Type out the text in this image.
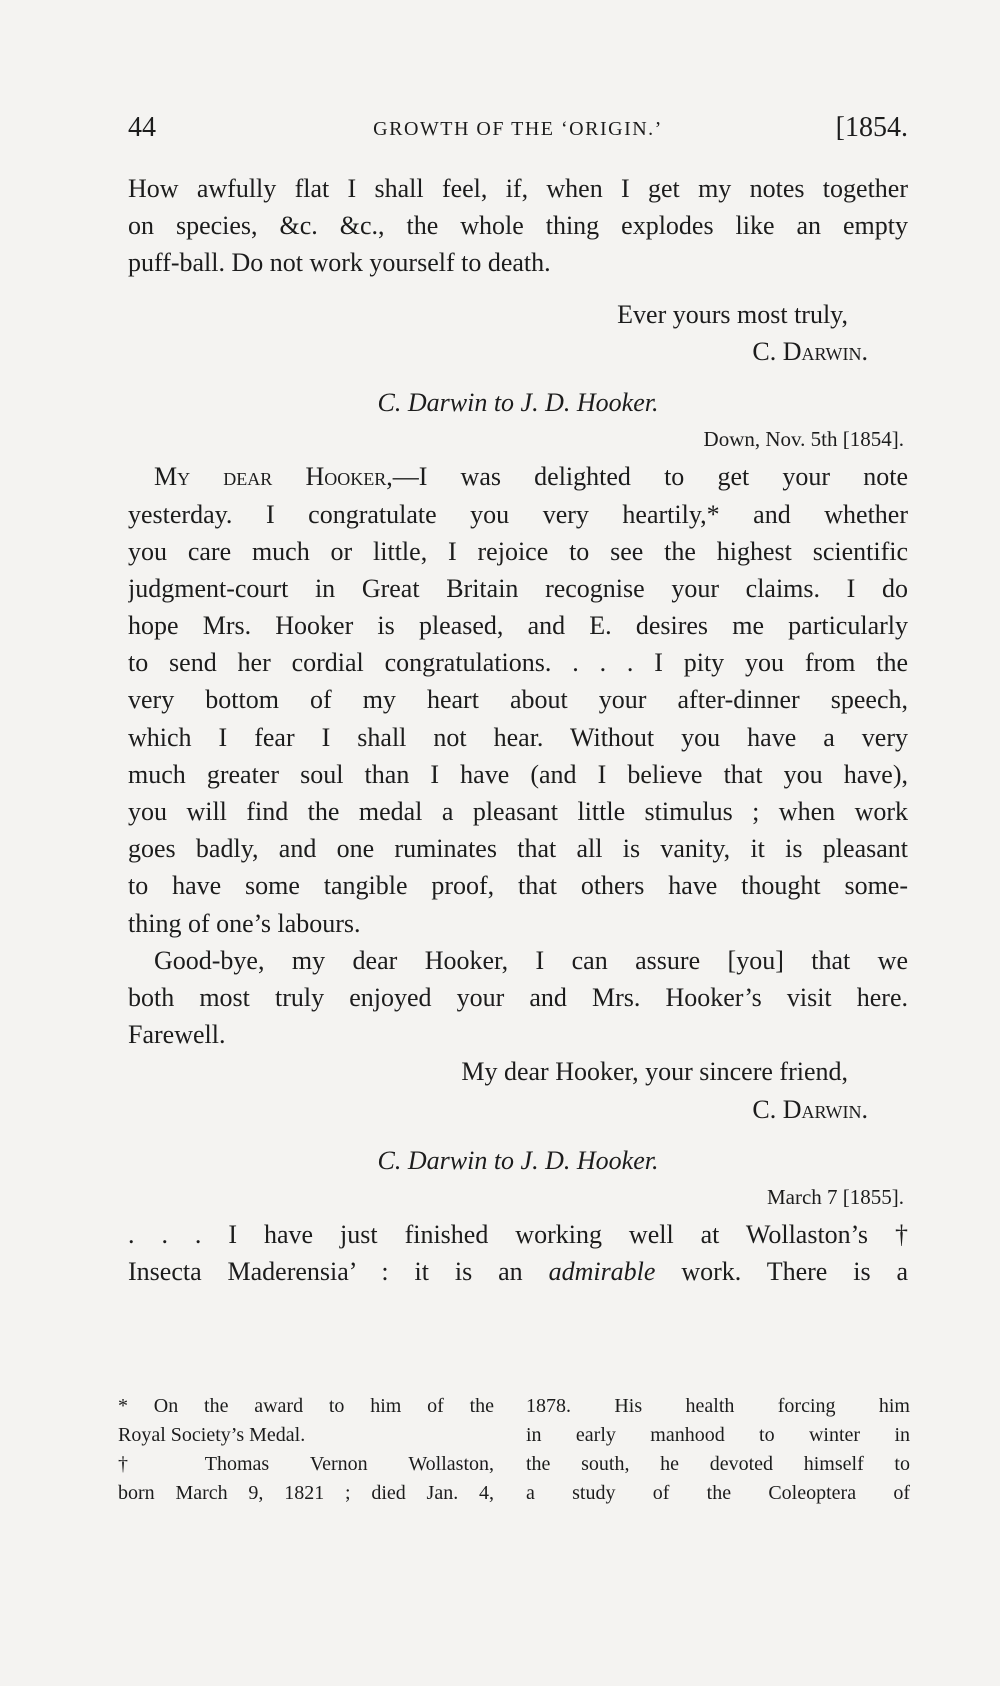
44	GROWTH OF THE ‘ORIGIN.’	[1854.
How awfully flat I shall feel, if, when I get my notes together
on species, &c. &c., the whole thing explodes like an empty
puff-ball. Do not work yourself to death.
Ever yours most truly,
C. Darwin.
C. Darwin to J. D. Hooker.
Down, Nov. 5th [1854].
 My dear Hooker,—I was delighted to get your note
yesterday. I congratulate you very heartily,* and whether
you care much or little, I rejoice to see the highest scientific
judgment-court in Great Britain recognise your claims. I do
hope Mrs. Hooker is pleased, and E. desires me particularly
to send her cordial congratulations. . . . I pity you from the
very bottom of my heart about your after-dinner speech,
which I fear I shall not hear. Without you have a very
much greater soul than I have (and I believe that you have),
you will find the medal a pleasant little stimulus ; when work
goes badly, and one ruminates that all is vanity, it is pleasant
to have some tangible proof, that others have thought some-
thing of one’s labours.
 Good-bye, my dear Hooker, I can assure [you] that we
both most truly enjoyed your and Mrs. Hooker’s visit here.
Farewell.
My dear Hooker, your sincere friend,
C. Darwin.
C. Darwin to J. D. Hooker.
March 7 [1855].
. . . I have just finished working well at Wollaston’s †
Insecta Maderensia’ : it is an admirable work. There is a
* On the award to him of the
Royal Society’s Medal.
† Thomas Vernon Wollaston,
born March 9, 1821 ; died Jan. 4,
1878. His health forcing him
in early manhood to winter in
the south, he devoted himself to
a study of the Coleoptera of
